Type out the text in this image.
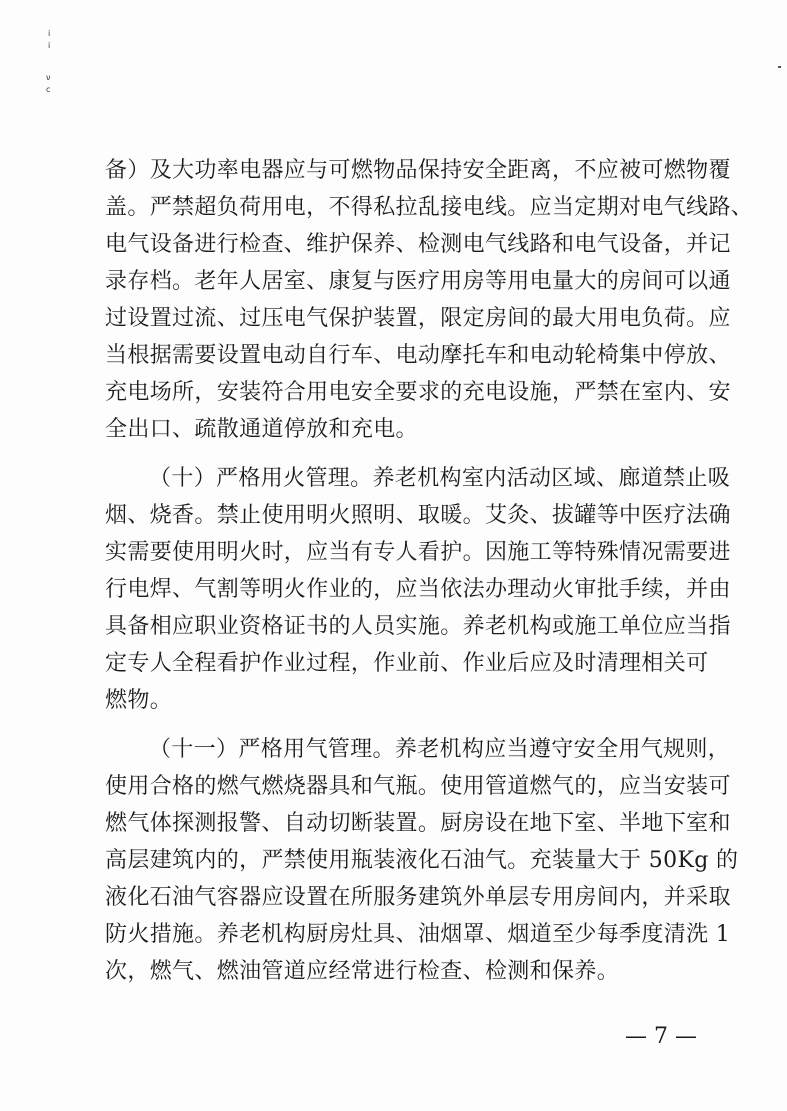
ⅰ
ⅰ
ν
ⅽ
备）及大功率电器应与可燃物品保持安全距离，不应被可燃物覆
盖。严禁超负荷用电，不得私拉乱接电线。应当定期对电气线路、
电气设备进行检查、维护保养、检测电气线路和电气设备，并记
录存档。老年人居室、康复与医疗用房等用电量大的房间可以通
过设置过流、过压电气保护装置，限定房间的最大用电负荷。应
当根据需要设置电动自行车、电动摩托车和电动轮椅集中停放、
充电场所，安装符合用电安全要求的充电设施，严禁在室内、安
全出口、疏散通道停放和充电。
（十）严格用火管理。养老机构室内活动区域、廊道禁止吸
烟、烧香。禁止使用明火照明、取暖。艾灸、拔罐等中医疗法确
实需要使用明火时，应当有专人看护。因施工等特殊情况需要进
行电焊、气割等明火作业的，应当依法办理动火审批手续，并由
具备相应职业资格证书的人员实施。养老机构或施工单位应当指
定专人全程看护作业过程，作业前、作业后应及时清理相关可
燃物。
（十一）严格用气管理。养老机构应当遵守安全用气规则，
使用合格的燃气燃烧器具和气瓶。使用管道燃气的，应当安装可
燃气体探测报警、自动切断装置。厨房设在地下室、半地下室和
高层建筑内的，严禁使用瓶装液化石油气。充装量大于 50Kg 的
液化石油气容器应设置在所服务建筑外单层专用房间内，并采取
防火措施。养老机构厨房灶具、油烟罩、烟道至少每季度清洗 1
次，燃气、燃油管道应经常进行检查、检测和保养。
— 7 —
